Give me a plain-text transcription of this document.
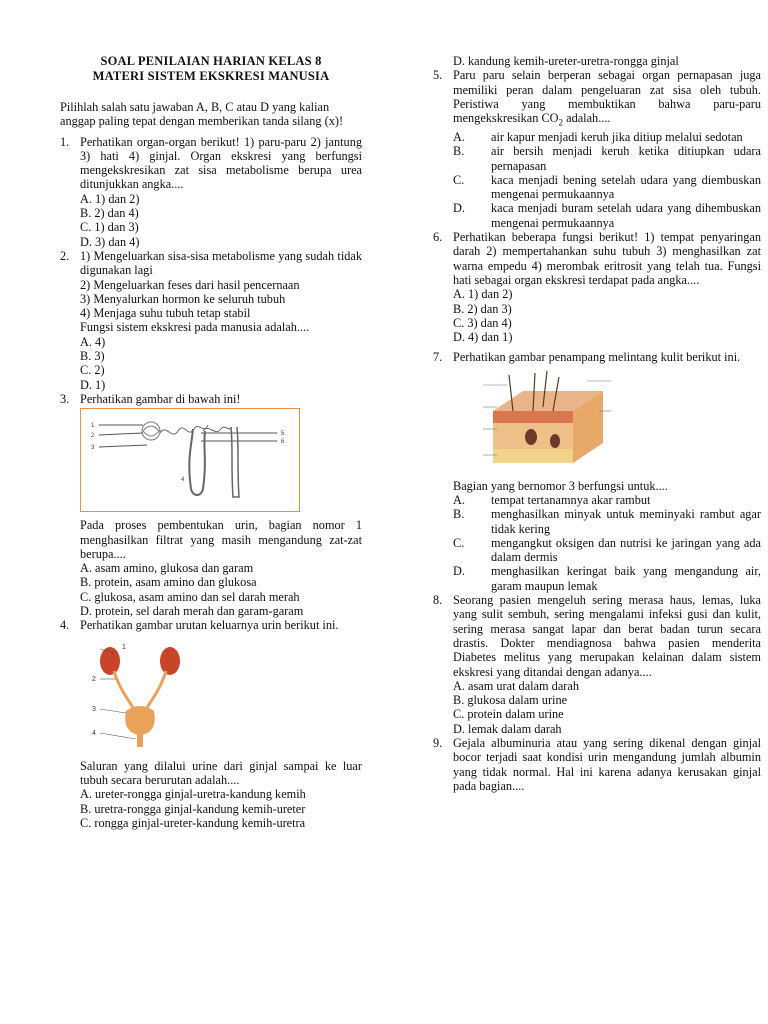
SOAL PENILAIAN HARIAN KELAS 8
MATERI SISTEM EKSKRESI MANUSIA
Pilihlah salah satu jawaban A, B, C atau D yang kalian anggap paling tepat dengan memberikan tanda silang (x)!
1. Perhatikan organ-organ berikut! 1) paru-paru 2) jantung 3) hati 4) ginjal. Organ ekskresi yang berfungsi mengekskresikan zat sisa metabolisme berupa urea ditunjukkan angka....
A. 1) dan 2)
B. 2) dan 4)
C. 1) dan 3)
D. 3) dan 4)
2. 1) Mengeluarkan sisa-sisa metabolisme yang sudah tidak digunakan lagi
2) Mengeluarkan feses dari hasil pencernaan
3) Menyalurkan hormon ke seluruh tubuh
4) Menjaga suhu tubuh tetap stabil
Fungsi sistem ekskresi pada manusia adalah....
A. 4)
B. 3)
C. 2)
D. 1)
3. Perhatikan gambar di bawah ini!
1
2
3
4
5
6
Pada proses pembentukan urin, bagian nomor 1 menghasilkan filtrat yang masih mengandung zat-zat berupa....
A. asam amino, glukosa dan garam
B. protein, asam amino dan glukosa
C. glukosa, asam amino dan sel darah merah
D. protein, sel darah merah dan garam-garam
4. Perhatikan gambar urutan keluarnya urin berikut ini.
1
2
3
4
Saluran yang dilalui urine dari ginjal sampai ke luar tubuh secara berurutan adalah....
A. ureter-rongga ginjal-uretra-kandung kemih
B. uretra-rongga ginjal-kandung kemih-ureter
C. rongga ginjal-ureter-kandung kemih-uretra
D. kandung kemih-ureter-uretra-rongga ginjal
5. Paru paru selain berperan sebagai organ pernapasan juga memiliki peran dalam pengeluaran zat sisa oleh tubuh. Peristiwa yang membuktikan bahwa paru-paru mengekskresikan $CO_2$ adalah....
A.	air kapur menjadi keruh jika ditiup melalui sedotan
B.	air bersih menjadi keruh ketika ditiupkan udara pernapasan
C.	kaca menjadi bening setelah udara yang diembuskan mengenai permukaannya
D.	kaca menjadi buram setelah udara yang dihembuskan mengenai permukaannya
6. Perhatikan beberapa fungsi berikut! 1) tempat penyaringan darah 2) mempertahankan suhu tubuh 3) menghasilkan zat warna empedu 4) merombak eritrosit yang telah tua. Fungsi hati sebagai organ ekskresi terdapat pada angka....
A. 1) dan 2)
B. 2) dan 3)
C. 3) dan 4)
D. 4) dan 1)
7. Perhatikan gambar penampang melintang kulit berikut ini.
Bagian yang bernomor 3 berfungsi untuk....
A.	tempat tertanamnya akar rambut
B.	menghasilkan minyak untuk meminyaki rambut agar tidak kering
C.	mengangkut oksigen dan nutrisi ke jaringan yang ada dalam dermis
D.	menghasilkan keringat baik yang mengandung air, garam maupun lemak
8. Seorang pasien mengeluh sering merasa haus, lemas, luka yang sulit sembuh, sering mengalami infeksi gusi dan kulit, sering merasa sangat lapar dan berat badan turun secara drastis. Dokter mendiagnosa bahwa pasien menderita Diabetes melitus yang merupakan kelainan dalam sistem ekskresi yang ditandai dengan adanya....
A. asam urat dalam darah
B. glukosa dalam urine
C. protein dalam urine
D. lemak dalam darah
9. Gejala albuminuria atau yang sering dikenal dengan ginjal bocor terjadi saat kondisi urin mengandung jumlah albumin yang tidak normal. Hal ini karena adanya kerusakan ginjal pada bagian....
